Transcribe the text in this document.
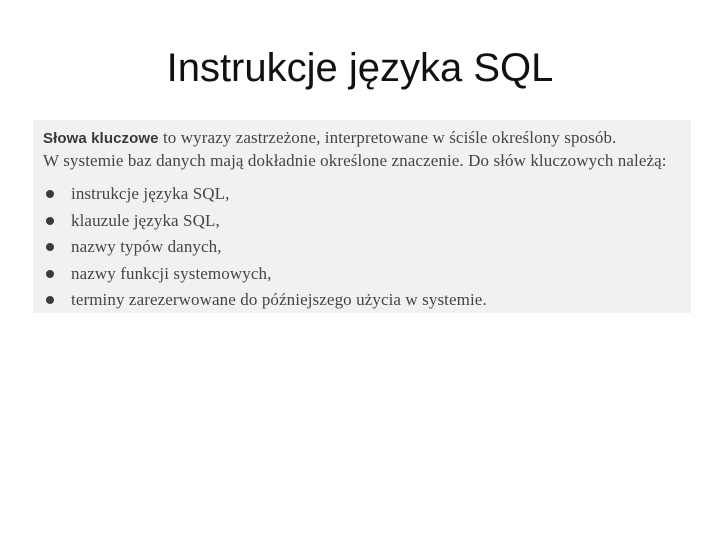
Instrukcje języka SQL

Słowa kluczowe to wyrazy zastrzeżone, interpretowane w ściśle określony sposób.
W systemie baz danych mają dokładnie określone znaczenie. Do słów kluczowych należą:

instrukcje języka SQL,
klauzule języka SQL,
nazwy typów danych,
nazwy funkcji systemowych,
terminy zarezerwowane do późniejszego użycia w systemie.
